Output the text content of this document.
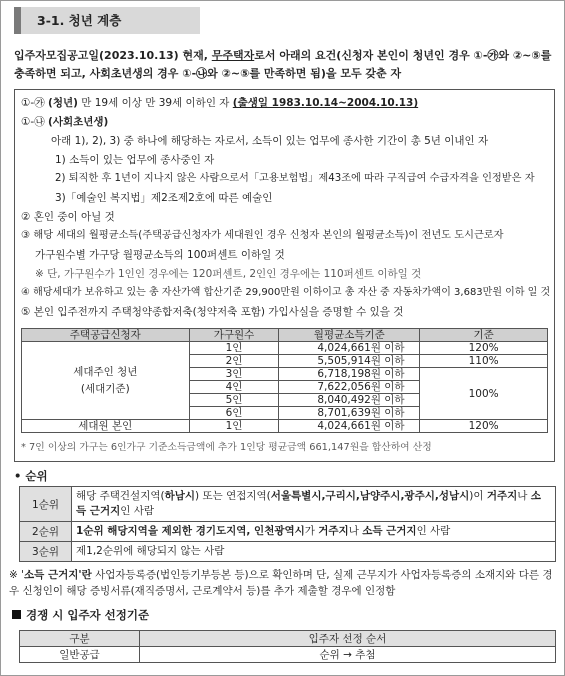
3-1. 청년 계층
입주자모집공고일(2023.10.13) 현재, 무주택자로서 아래의 요건(신청자 본인이 청년인 경우 ①-㉮와 ②~⑤를 충족하면 되고, 사회초년생의 경우 ①-㉯와 ②~⑤를 만족하면 됨)을 모두 갖춘 자
①-㉮ (청년) 만 19세 이상 만 39세 이하인 자 (출생일 1983.10.14~2004.10.13)
①-㉯ (사회초년생)
아래 1), 2), 3) 중 하나에 해당하는 자로서, 소득이 있는 업무에 종사한 기간이 총 5년 이내인 자
1) 소득이 있는 업무에 종사중인 자
2) 퇴직한 후 1년이 지나지 않은 사람으로서「고용보험법」제43조에 따라 구직급여 수급자격을 인정받은 자
3)「예술인 복지법」제2조제2호에 따른 예술인
② 혼인 중이 아닐 것
③ 해당 세대의 월평균소득(주택공급신청자가 세대원인 경우 신청자 본인의 월평균소득)이 전년도 도시근로자
가구원수별 가구당 월평균소득의 100퍼센트 이하일 것
※ 단, 가구원수가 1인인 경우에는 120퍼센트, 2인인 경우에는 110퍼센트 이하일 것
④ 해당세대가 보유하고 있는 총 자산가액 합산기준 29,900만원 이하이고 총 자산 중 자동차가액이 3,683만원 이하 일 것
⑤ 본인 입주전까지 주택청약종합저축(청약저축 포함) 가입사실을 증명할 수 있을 것
주택공급신청자	가구원수	월평균소득기준	기준

세대주인 청년
(세대기준)	1인	4,024,661원 이하	120%
	2인	5,505,914원 이하	110%
	3인	6,718,198원 이하	100%
	4인	7,622,056원 이하	
	5인	8,040,492원 이하	
	6인	8,701,639원 이하	
세대원 본인	1인	4,024,661원 이하	120%
* 7인 이상의 가구는 6인가구 기준소득금액에 추가 1인당 평균금액 661,147원을 합산하여 산정
• 순위
1순위	해당 주택건설지역(하남시) 또는 연접지역(서울특별시,구리시,남양주시,광주시,성남시)이 거주지나 소득 근거지인 사람
2순위	1순위 해당지역을 제외한 경기도지역, 인천광역시가 거주지나 소득 근거지인 사람
3순위	제1,2순위에 해당되지 않는 사람
※ '소득 근거지'란 사업자등록증(법인등기부등본 등)으로 확인하며 단, 실제 근무지가 사업자등록증의 소재지와 다른 경우 신청인이 해당 증빙서류(재직증명서, 근로계약서 등)를 추가 제출할 경우에 인정함
경쟁 시 입주자 선정기준
구분	입주자 선정 순서
일반공급	순위 → 추첨
